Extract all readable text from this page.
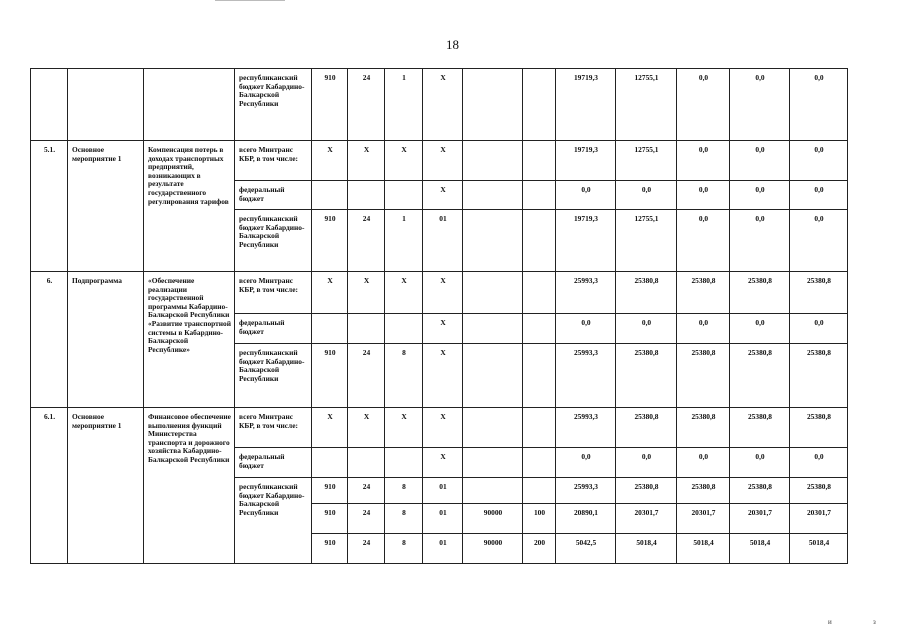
18
			республиканский бюджет Кабардино-Балкарской Республики	910	24	1	X			19719,3	12755,1	0,0	0,0	0,0
5.1.	Основное мероприятие 1	Компенсация потерь в доходах транспортных предприятий, возникающих в результате государственного регулирования тарифов	всего Минтранс КБР, в том числе:	X	X	X	X			19719,3	12755,1	0,0	0,0	0,0
			федеральный бюджет				X			0,0	0,0	0,0	0,0	0,0
			республиканский бюджет Кабардино-Балкарской Республики	910	24	1	01			19719,3	12755,1	0,0	0,0	0,0
6.	Подпрограмма	«Обеспечение реализации государственной программы Кабардино-Балкарской Республики «Развитие транспортной системы в Кабардино-Балкарской Республике»	всего Минтранс КБР, в том числе:	X	X	X	X			25993,3	25380,8	25380,8	25380,8	25380,8
			федеральный бюджет				X			0,0	0,0	0,0	0,0	0,0
			республиканский бюджет Кабардино-Балкарской Республики	910	24	8	X			25993,3	25380,8	25380,8	25380,8	25380,8
6.1.	Основное мероприятие 1	Финансовое обеспечение выполнения функций Министерства транспорта и дорожного хозяйства Кабардино-Балкарской Республики	всего Минтранс КБР, в том числе:	X	X	X	X			25993,3	25380,8	25380,8	25380,8	25380,8
			федеральный бюджет				X			0,0	0,0	0,0	0,0	0,0
			республиканский бюджет Кабардино-Балкарской Республики	910	24	8	01			25993,3	25380,8	25380,8	25380,8	25380,8
				910	24	8	01	90000	100	20890,1	20301,7	20301,7	20301,7	20301,7
				910	24	8	01	90000	200	5042,5	5018,4	5018,4	5018,4	5018,4
и	з
